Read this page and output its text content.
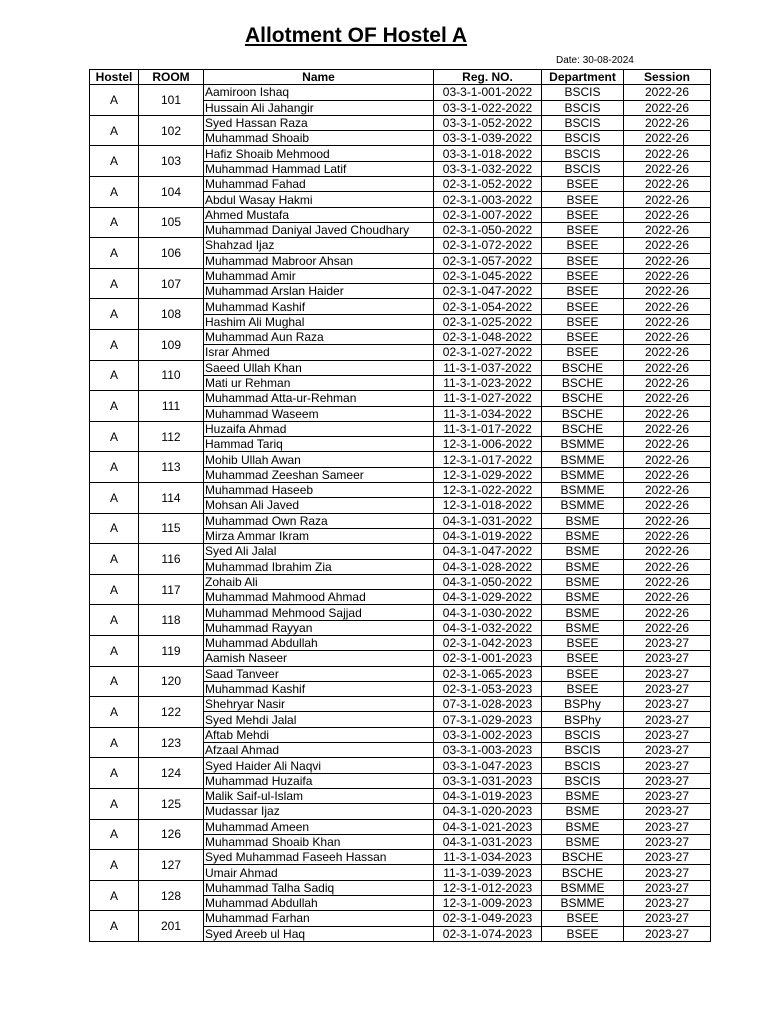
Allotment OF Hostel A
Date: 30-08-2024
Hostel	ROOM	Name	Reg. NO.	Department	Session
A	101	Aamiroon Ishaq	03-3-1-001-2022	BSCIS	2022-26
		Hussain Ali Jahangir	03-3-1-022-2022	BSCIS	2022-26
A	102	Syed Hassan Raza	03-3-1-052-2022	BSCIS	2022-26
		Muhammad Shoaib	03-3-1-039-2022	BSCIS	2022-26
A	103	Hafiz Shoaib Mehmood	03-3-1-018-2022	BSCIS	2022-26
		Muhammad Hammad Latif	03-3-1-032-2022	BSCIS	2022-26
A	104	Muhammad Fahad	02-3-1-052-2022	BSEE	2022-26
		Abdul Wasay Hakmi	02-3-1-003-2022	BSEE	2022-26
A	105	Ahmed Mustafa	02-3-1-007-2022	BSEE	2022-26
		Muhammad Daniyal Javed Choudhary	02-3-1-050-2022	BSEE	2022-26
A	106	Shahzad Ijaz	02-3-1-072-2022	BSEE	2022-26
		Muhammad Mabroor Ahsan	02-3-1-057-2022	BSEE	2022-26
A	107	Muhammad Amir	02-3-1-045-2022	BSEE	2022-26
		Muhammad Arslan Haider	02-3-1-047-2022	BSEE	2022-26
A	108	Muhammad Kashif	02-3-1-054-2022	BSEE	2022-26
		Hashim Ali Mughal	02-3-1-025-2022	BSEE	2022-26
A	109	Muhammad Aun Raza	02-3-1-048-2022	BSEE	2022-26
		Israr Ahmed	02-3-1-027-2022	BSEE	2022-26
A	110	Saeed Ullah Khan	11-3-1-037-2022	BSCHE	2022-26
		Mati ur Rehman	11-3-1-023-2022	BSCHE	2022-26
A	111	Muhammad Atta-ur-Rehman	11-3-1-027-2022	BSCHE	2022-26
		Muhammad Waseem	11-3-1-034-2022	BSCHE	2022-26
A	112	Huzaifa Ahmad	11-3-1-017-2022	BSCHE	2022-26
		Hammad Tariq	12-3-1-006-2022	BSMME	2022-26
A	113	Mohib Ullah Awan	12-3-1-017-2022	BSMME	2022-26
		Muhammad Zeeshan Sameer	12-3-1-029-2022	BSMME	2022-26
A	114	Muhammad Haseeb	12-3-1-022-2022	BSMME	2022-26
		Mohsan Ali Javed	12-3-1-018-2022	BSMME	2022-26
A	115	Muhammad Own Raza	04-3-1-031-2022	BSME	2022-26
		Mirza Ammar Ikram	04-3-1-019-2022	BSME	2022-26
A	116	Syed Ali Jalal	04-3-1-047-2022	BSME	2022-26
		Muhammad Ibrahim Zia	04-3-1-028-2022	BSME	2022-26
A	117	Zohaib Ali	04-3-1-050-2022	BSME	2022-26
		Muhammad Mahmood Ahmad	04-3-1-029-2022	BSME	2022-26
A	118	Muhammad Mehmood Sajjad	04-3-1-030-2022	BSME	2022-26
		Muhammad Rayyan	04-3-1-032-2022	BSME	2022-26
A	119	Muhammad Abdullah	02-3-1-042-2023	BSEE	2023-27
		Aamish Naseer	02-3-1-001-2023	BSEE	2023-27
A	120	Saad Tanveer	02-3-1-065-2023	BSEE	2023-27
		Muhammad Kashif	02-3-1-053-2023	BSEE	2023-27
A	122	Shehryar Nasir	07-3-1-028-2023	BSPhy	2023-27
		Syed Mehdi Jalal	07-3-1-029-2023	BSPhy	2023-27
A	123	Aftab Mehdi	03-3-1-002-2023	BSCIS	2023-27
		Afzaal Ahmad	03-3-1-003-2023	BSCIS	2023-27
A	124	Syed Haider Ali Naqvi	03-3-1-047-2023	BSCIS	2023-27
		Muhammad Huzaifa	03-3-1-031-2023	BSCIS	2023-27
A	125	Malik Saif-ul-Islam	04-3-1-019-2023	BSME	2023-27
		Mudassar Ijaz	04-3-1-020-2023	BSME	2023-27
A	126	Muhammad Ameen	04-3-1-021-2023	BSME	2023-27
		Muhammad Shoaib Khan	04-3-1-031-2023	BSME	2023-27
A	127	Syed Muhammad Faseeh Hassan	11-3-1-034-2023	BSCHE	2023-27
		Umair Ahmad	11-3-1-039-2023	BSCHE	2023-27
A	128	Muhammad Talha Sadiq	12-3-1-012-2023	BSMME	2023-27
		Muhammad Abdullah	12-3-1-009-2023	BSMME	2023-27
A	201	Muhammad Farhan	02-3-1-049-2023	BSEE	2023-27
		Syed Areeb ul Haq	02-3-1-074-2023	BSEE	2023-27
